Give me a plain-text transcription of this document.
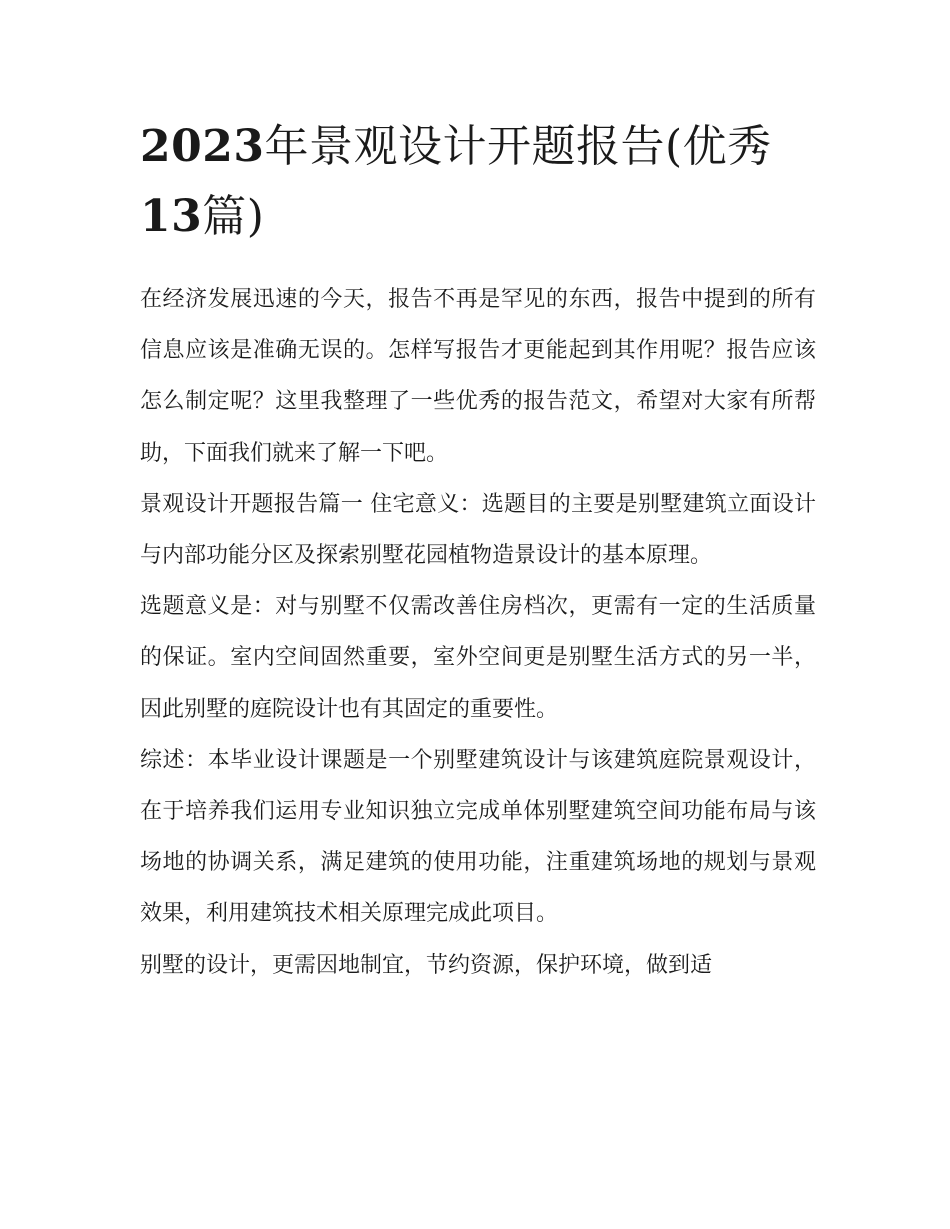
2023年景观设计开题报告(优秀13篇)

在经济发展迅速的今天，报告不再是罕见的东西，报告中提到的所有信息应该是准确无误的。怎样写报告才更能起到其作用呢？报告应该怎么制定呢？这里我整理了一些优秀的报告范文，希望对大家有所帮助，下面我们就来了解一下吧。

景观设计开题报告篇一 住宅意义：选题目的主要是别墅建筑立面设计与内部功能分区及探索别墅花园植物造景设计的基本原理。

选题意义是：对与别墅不仅需改善住房档次，更需有一定的生活质量的保证。室内空间固然重要，室外空间更是别墅生活方式的另一半，因此别墅的庭院设计也有其固定的重要性。

综述：本毕业设计课题是一个别墅建筑设计与该建筑庭院景观设计，在于培养我们运用专业知识独立完成单体别墅建筑空间功能布局与该场地的协调关系，满足建筑的使用功能，注重建筑场地的规划与景观效果，利用建筑技术相关原理完成此项目。

别墅的设计，更需因地制宜，节约资源，保护环境，做到适
